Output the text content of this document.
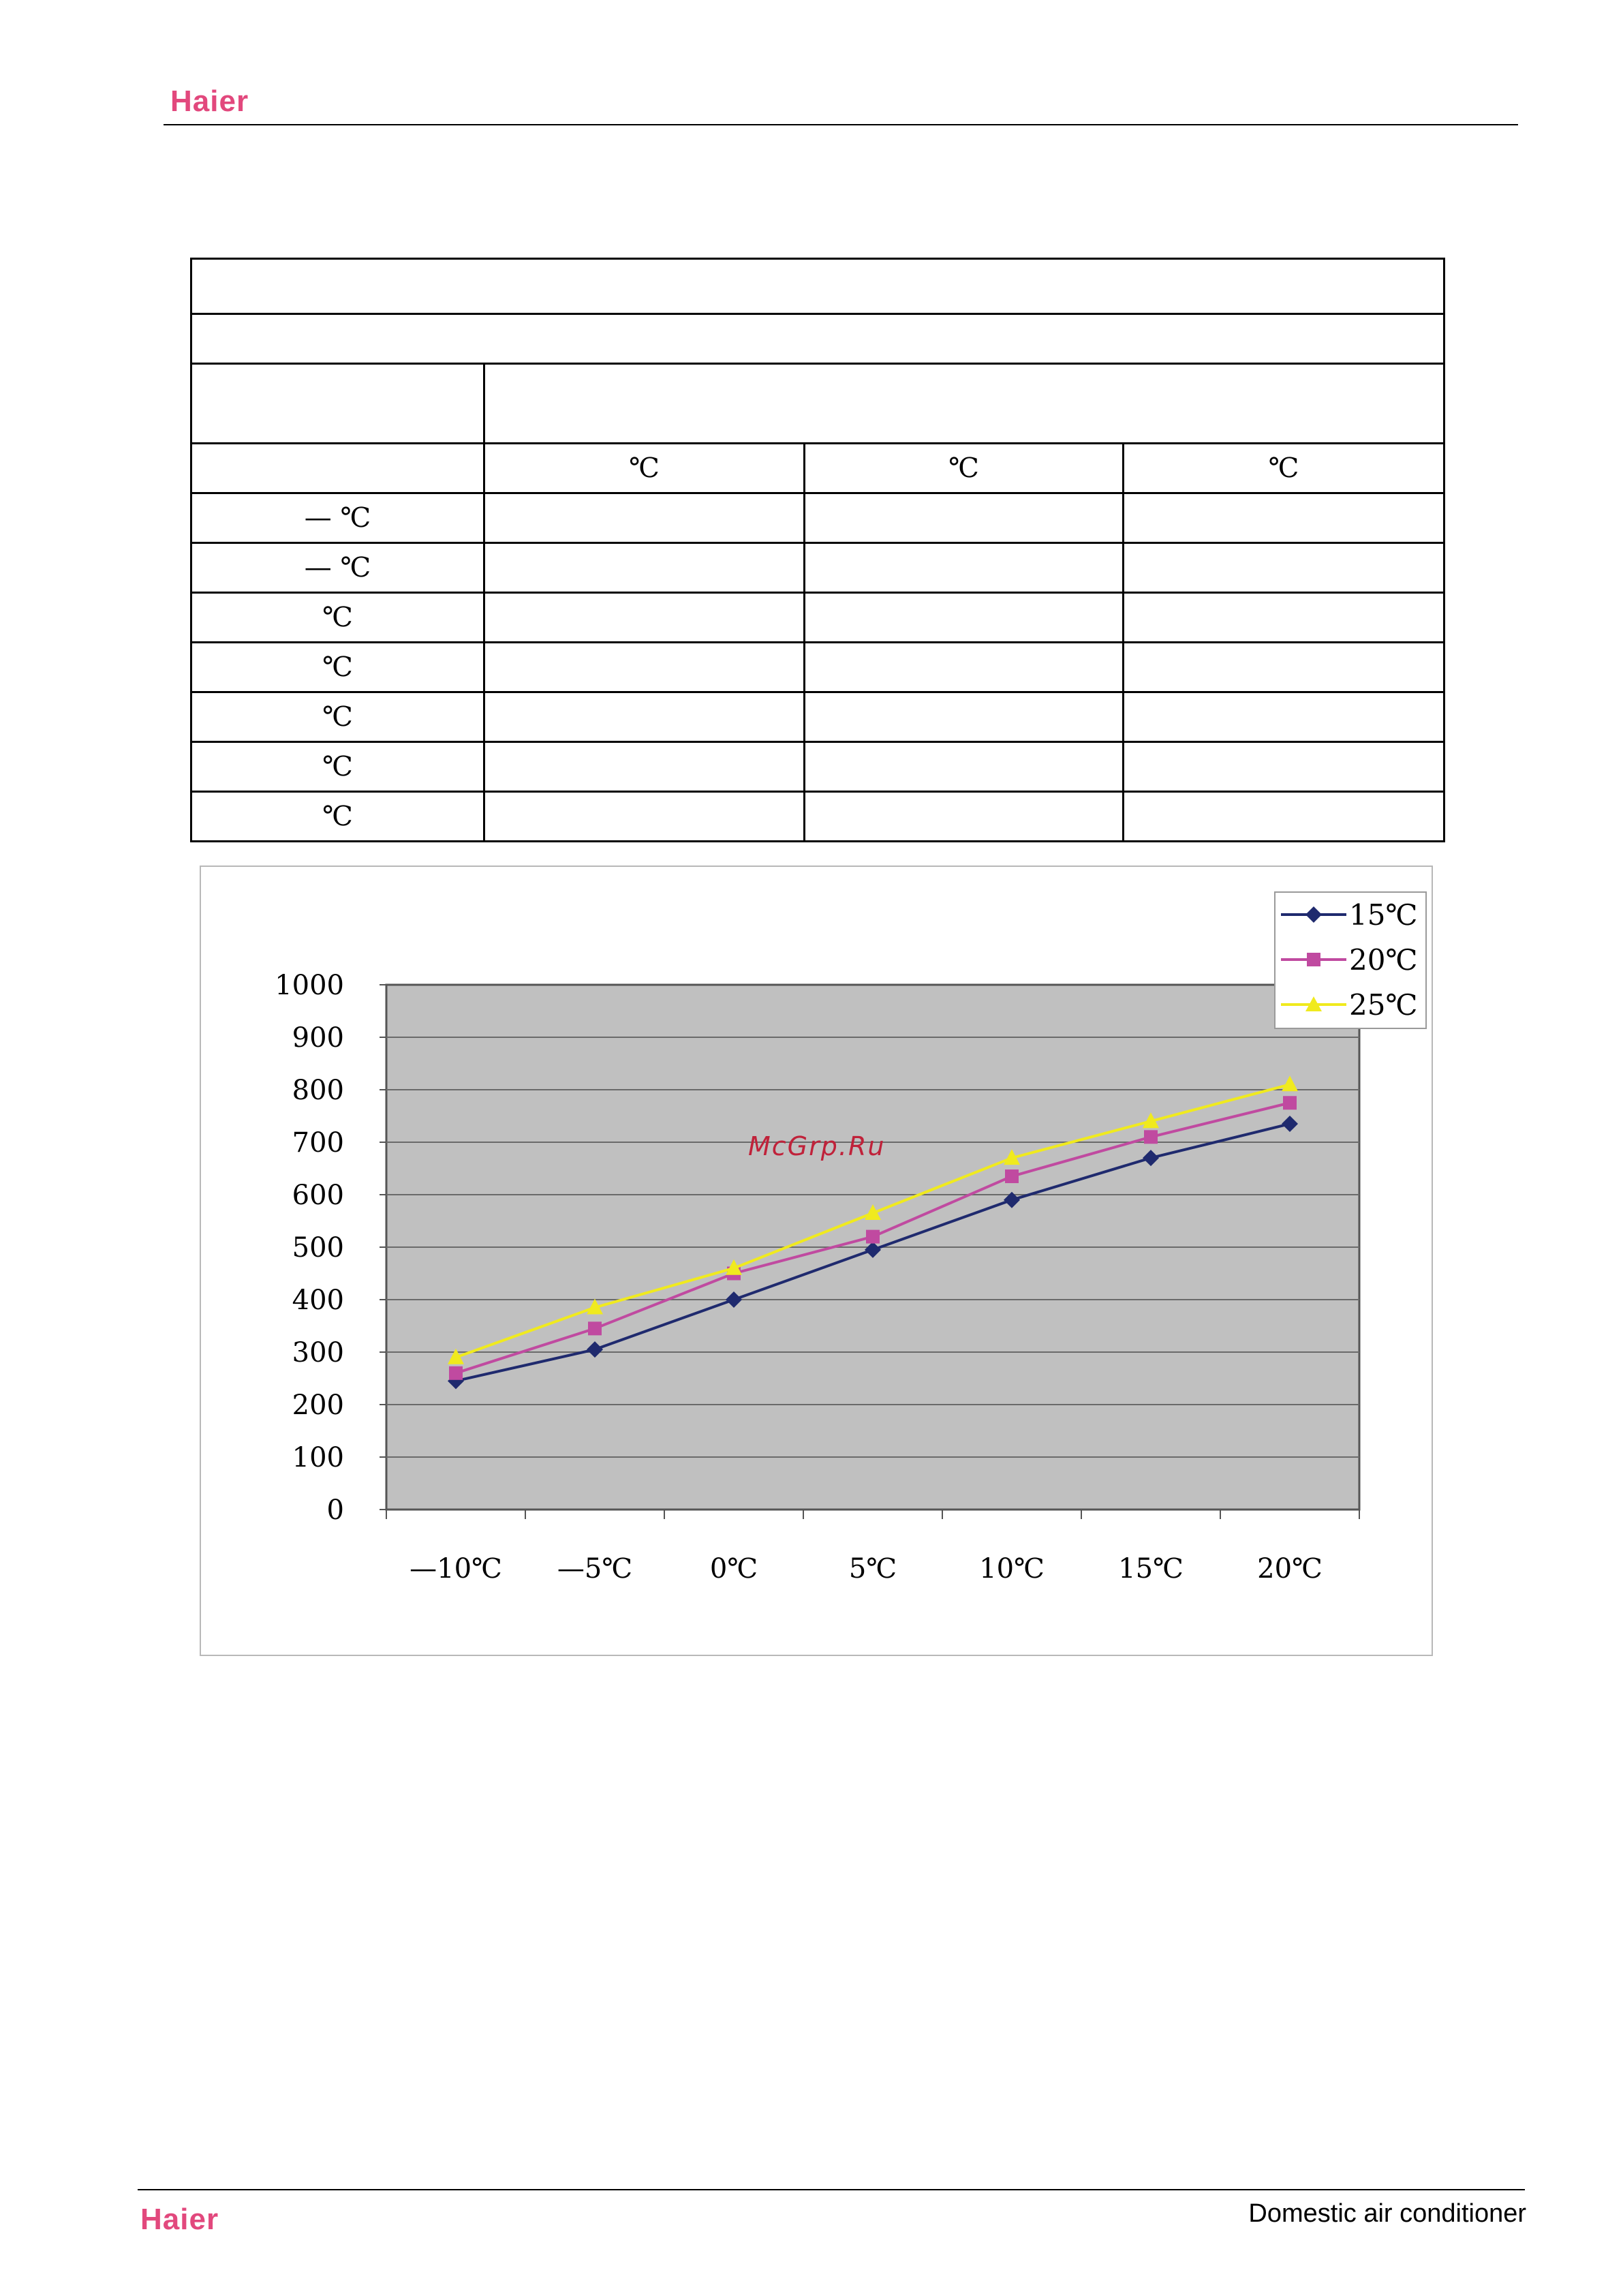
Haier

	℃	℃	℃
— ℃			
— ℃			
℃			
℃			
℃			
℃			
℃			
0
100
200
300
400
500
600
700
800
900
1000
—10℃ —5℃	0℃	5℃	10℃	15℃	20℃
15℃
20℃
25℃
McGrp.Ru
Haier	Domestic air conditioner
